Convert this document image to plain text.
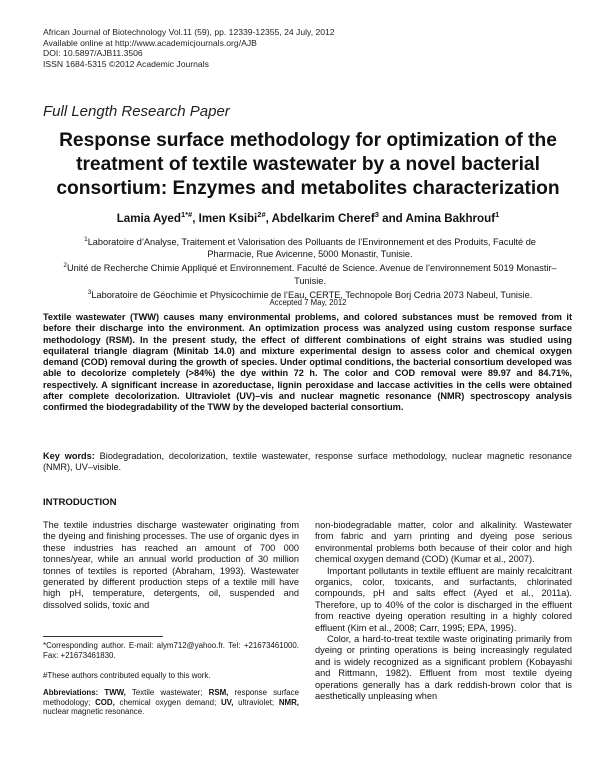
African Journal of Biotechnology Vol.11 (59), pp. 12339-12355, 24 July, 2012
Available online at http://www.academicjournals.org/AJB
DOI: 10.5897/AJB11.3506
ISSN 1684-5315 ©2012 Academic Journals
Full Length Research Paper
Response surface methodology for optimization of the treatment of textile wastewater by a novel bacterial consortium: Enzymes and metabolites characterization
Lamia Ayed$^{1*\#}$, Imen Ksibi$^{2\#}$, Abdelkarim Cheref$^3$ and Amina Bakhrouf$^1$
$^1$Laboratoire d’Analyse, Traitement et Valorisation des Polluants de l’Environnement et des Produits, Faculté de Pharmacie, Rue Avicenne, 5000 Monastir, Tunisie.
$^2$Unité de Recherche Chimie Appliqué et Environnement. Faculté de Science. Avenue de l’environnement 5019 Monastir–Tunisie.
$^3$Laboratoire de Géochimie et Physicochimie de l’Eau, CERTE, Technopole Borj Cedria 2073 Nabeul, Tunisie.
Accepted 7 May, 2012
Textile wastewater (TWW) causes many environmental problems, and colored substances must be removed from it before their discharge into the environment. An optimization process was analyzed using custom response surface methodology (RSM). In the present study, the effect of different combinations of eight strains was studied using equilateral triangle diagram (Minitab 14.0) and mixture experimental design to assess color and chemical oxygen demand (COD) removal during the growth of species. Under optimal conditions, the bacterial consortium developed was able to decolorize completely (>84%) the dye within 72 h. The color and COD removal were 89.97 and 84.71%, respectively. A significant increase in azoreductase, lignin peroxidase and laccase activities in the cells were obtained after complete decolorization. Ultraviolet (UV)–vis and nuclear magnetic resonance (NMR) spectroscopy analysis confirmed the biodegradability of the TWW by the developed bacterial consortium.
Key words: Biodegradation, decolorization, textile wastewater, response surface methodology, nuclear magnetic resonance (NMR), UV–visible.
INTRODUCTION

The textile industries discharge wastewater originating from the dyeing and finishing processes. The use of organic dyes in these industries has reached an amount of 700 000 tonnes/year, while an annual world production of 30 million tonnes of textiles is reported (Abraham, 1993). Wastewater generated by different production steps of a textile mill have high pH, temperature, detergents, oil, suspended and dissolved solids, toxic and

non-biodegradable matter, color and alkalinity. Wastewater from fabric and yarn printing and dyeing pose serious environmental problems both because of their color and high chemical oxygen demand (COD) (Kumar et al., 2007).

Important pollutants in textile effluent are mainly recalcitrant organics, color, toxicants, and surfactants, chlorinated compounds, pH and salts effect (Ayed et al., 2011a). Therefore, up to 40% of the color is discharged in the effluent from reactive dyeing operation resulting in a highly colored effluent (Kim et al., 2008; Carr, 1995; EPA, 1995).

Color, a hard-to-treat textile waste originating primarily from dyeing or printing operations is being increasingly regulated and is widely recognized as a significant problem (Kobayashi and Rittmann, 1982). Effluent from most textile dyeing operations generally has a dark reddish-brown color that is aesthetically unpleasing when

*Corresponding author. E-mail: alym712@yahoo.fr. Tel: +21673461000. Fax: +21673461830.
#These authors contributed equally to this work.
Abbreviations: TWW, Textile wastewater; RSM, response surface methodology; COD, chemical oxygen demand; UV, ultraviolet; NMR, nuclear magnetic resonance.
